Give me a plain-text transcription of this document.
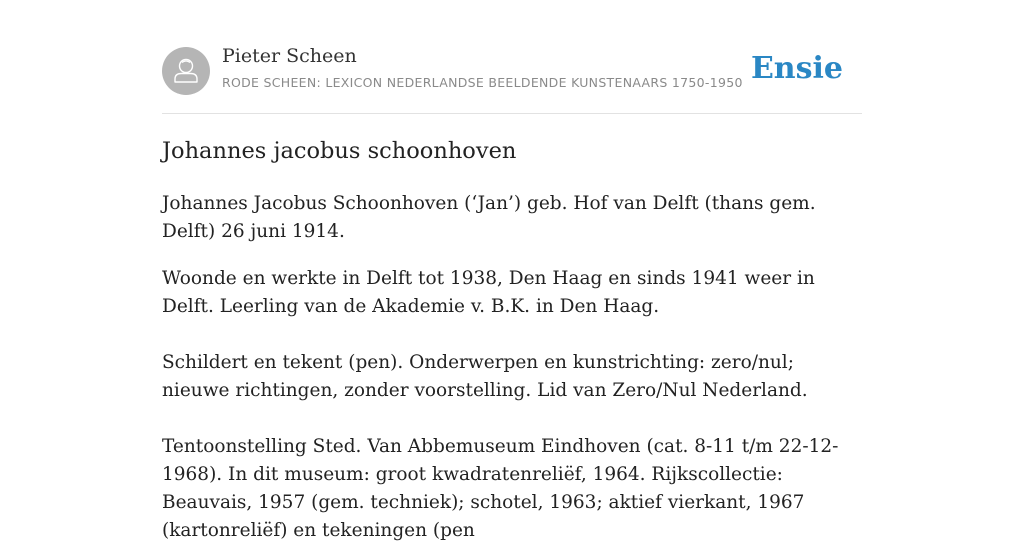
Pieter Scheen
RODE SCHEEN: LEXICON NEDERLANDSE BEELDENDE KUNSTENAARS 1750-1950 Ensie
Johannes jacobus schoonhoven

Johannes Jacobus Schoonhoven (‘Jan’) geb. Hof van Delft (thans gem. Delft) 26 juni 1914.

Woonde en werkte in Delft tot 1938, Den Haag en sinds 1941 weer in Delft. Leerling van de Akademie v. B.K. in Den Haag.

Schildert en tekent (pen). Onderwerpen en kunstrichting: zero/nul; nieuwe richtingen, zonder voorstelling. Lid van Zero/Nul Nederland.

Tentoonstelling Sted. Van Abbemuseum Eindhoven (cat. 8-11 t/m 22-12-1968). In dit museum: groot kwadratenreliëf, 1964. Rijkscollectie: Beauvais, 1957 (gem. techniek); schotel, 1963; aktief vierkant, 1967 (kartonreliëf) en tekeningen (pen
